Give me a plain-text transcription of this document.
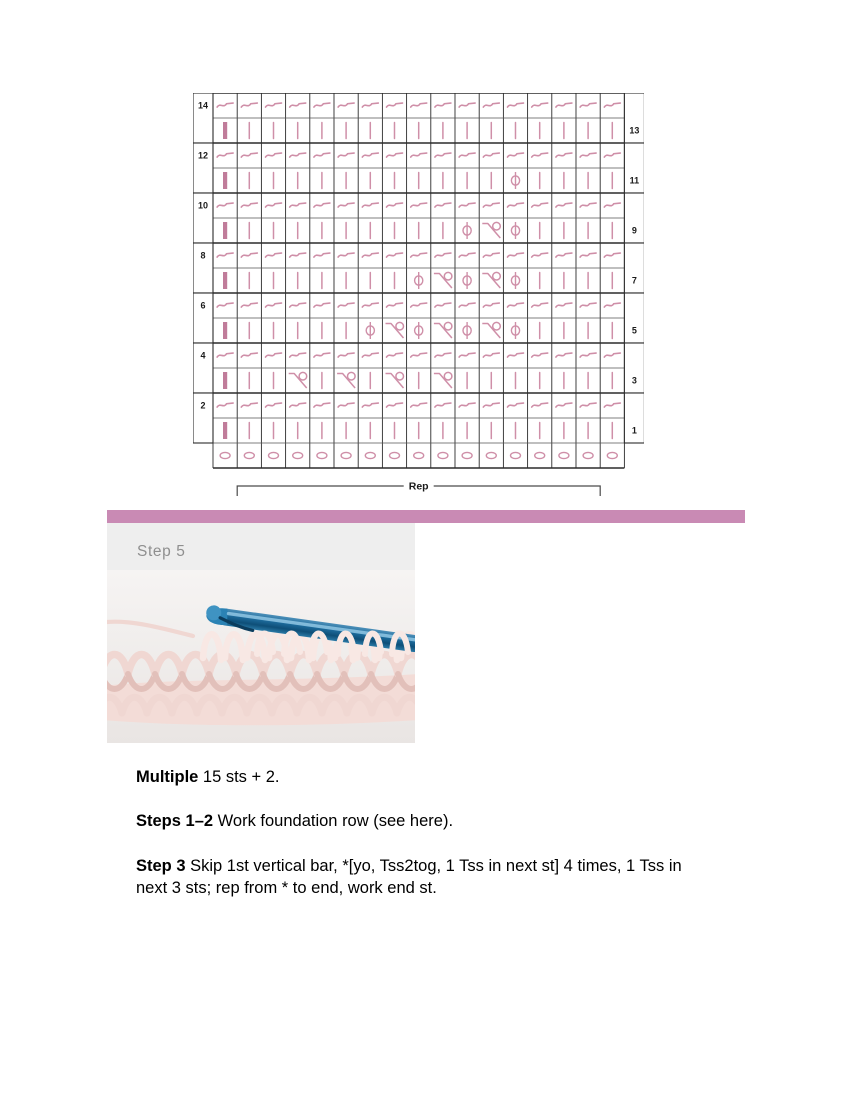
14
13
12
11
10
9
8
7
6
5
4
3
2
1
Rep
Step 5

Multiple 15 sts + 2.

Steps 1–2 Work foundation row (see here).

Step 3 Skip 1st vertical bar, *[yo, Tss2tog, 1 Tss in next st] 4 times, 1 Tss in next 3 sts; rep from * to end, work end st.
